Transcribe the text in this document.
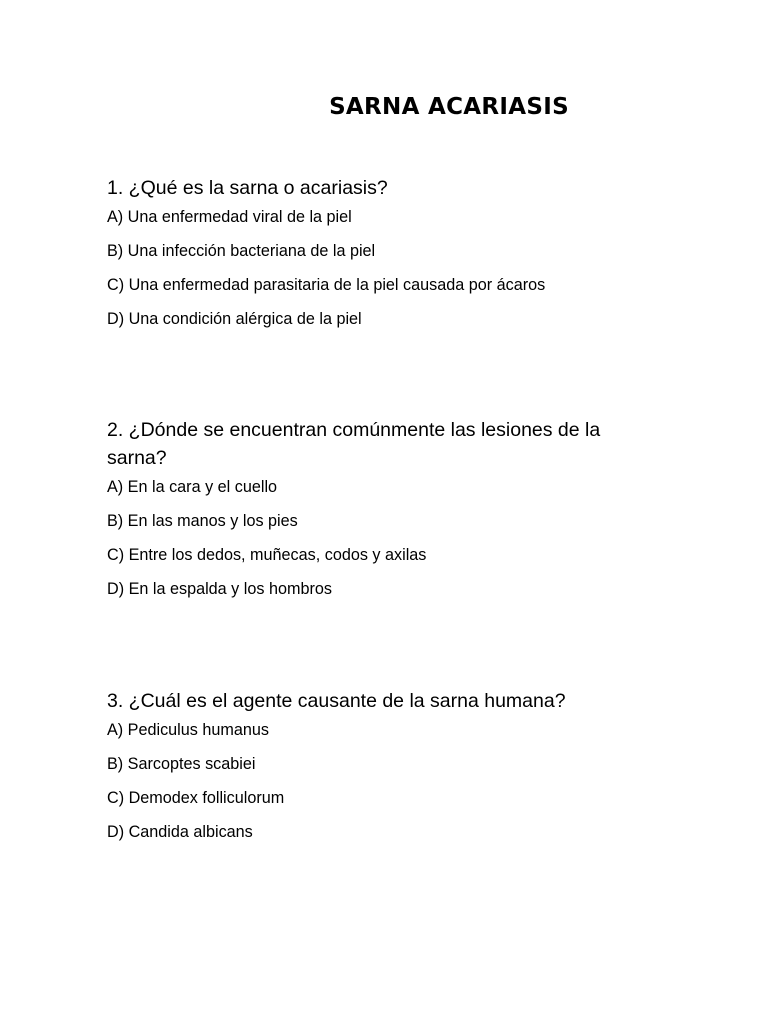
SARNA ACARIASIS

1. ¿Qué es la sarna o acariasis?

A) Una enfermedad viral de la piel

B) Una infección bacteriana de la piel

C) Una enfermedad parasitaria de la piel causada por ácaros

D) Una condición alérgica de la piel

2. ¿Dónde se encuentran comúnmente las lesiones de la sarna?

A) En la cara y el cuello

B) En las manos y los pies

C) Entre los dedos, muñecas, codos y axilas

D) En la espalda y los hombros

3. ¿Cuál es el agente causante de la sarna humana?

A) Pediculus humanus

B) Sarcoptes scabiei

C) Demodex folliculorum

D) Candida albicans
